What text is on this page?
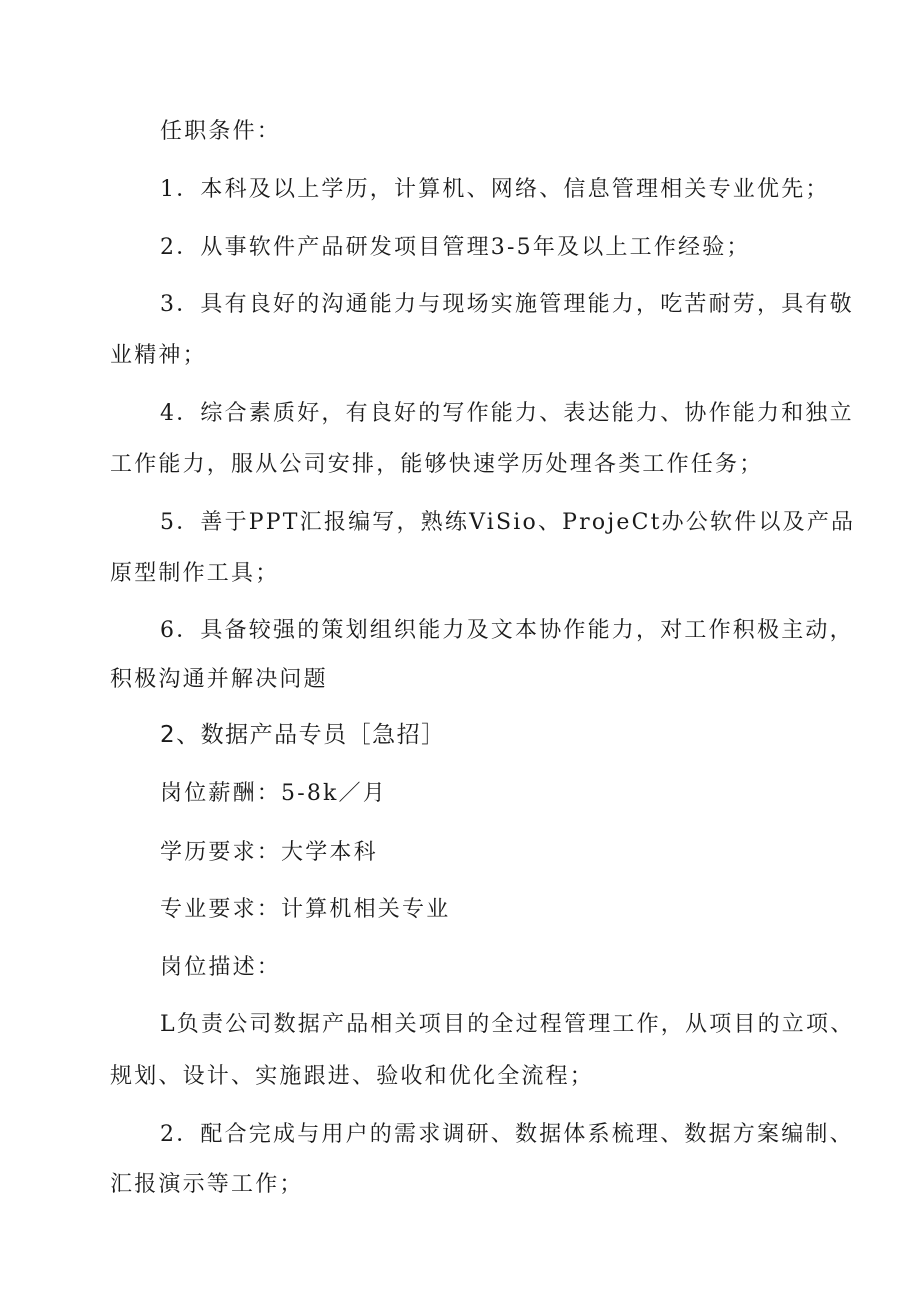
任职条件：
1．本科及以上学历，计算机、网络、信息管理相关专业优先；
2．从事软件产品研发项目管理3-5年及以上工作经验；
3．具有良好的沟通能力与现场实施管理能力，吃苦耐劳，具有敬
业精神；
4．综合素质好，有良好的写作能力、表达能力、协作能力和独立
工作能力，服从公司安排，能够快速学历处理各类工作任务；
5．善于PPT汇报编写，熟练ViSio、ProjeCt办公软件以及产品
原型制作工具；
6．具备较强的策划组织能力及文本协作能力，对工作积极主动，
积极沟通并解决问题
2、数据产品专员［急招］
岗位薪酬：5-8k／月
学历要求：大学本科
专业要求：计算机相关专业
岗位描述：
L负责公司数据产品相关项目的全过程管理工作，从项目的立项、
规划、设计、实施跟进、验收和优化全流程；
2．配合完成与用户的需求调研、数据体系梳理、数据方案编制、
汇报演示等工作；
